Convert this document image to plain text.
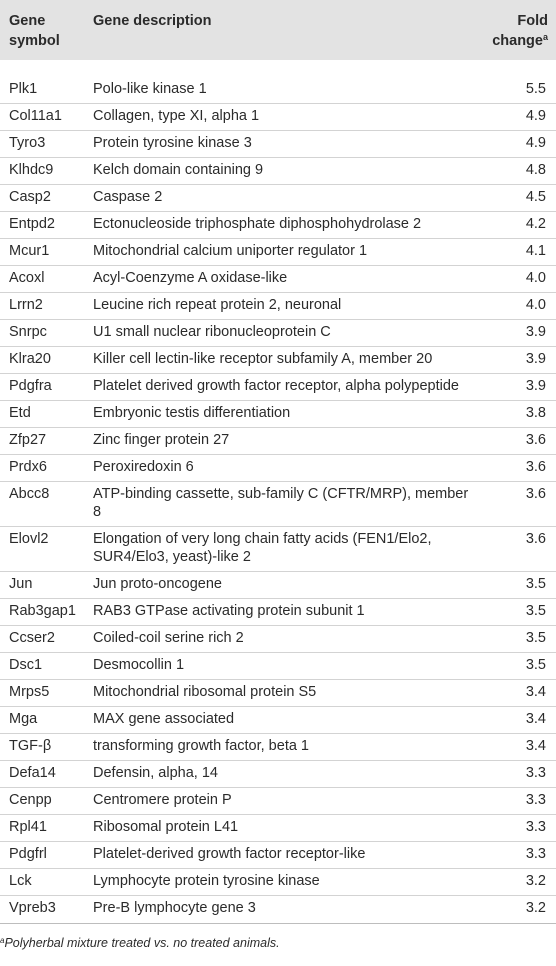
Gene symbol	Gene description	Fold change$^a$
Plk1	Polo-like kinase 1	5.5
Col11a1	Collagen, type XI, alpha 1	4.9
Tyro3	Protein tyrosine kinase 3	4.9
Klhdc9	Kelch domain containing 9	4.8
Casp2	Caspase 2	4.5
Entpd2	Ectonucleoside triphosphate diphosphohydrolase 2	4.2
Mcur1	Mitochondrial calcium uniporter regulator 1	4.1
Acoxl	Acyl-Coenzyme A oxidase-like	4.0
Lrrn2	Leucine rich repeat protein 2, neuronal	4.0
Snrpc	U1 small nuclear ribonucleoprotein C	3.9
Klra20	Killer cell lectin-like receptor subfamily A, member 20	3.9
Pdgfra	Platelet derived growth factor receptor, alpha polypeptide	3.9
Etd	Embryonic testis differentiation	3.8
Zfp27	Zinc finger protein 27	3.6
Prdx6	Peroxiredoxin 6	3.6
Abcc8	ATP-binding cassette, sub-family C (CFTR/MRP), member 8	3.6
Elovl2	Elongation of very long chain fatty acids (FEN1/Elo2, SUR4/Elo3, yeast)-like 2	3.6
Jun	Jun proto-oncogene	3.5
Rab3gap1	RAB3 GTPase activating protein subunit 1	3.5
Ccser2	Coiled-coil serine rich 2	3.5
Dsc1	Desmocollin 1	3.5
Mrps5	Mitochondrial ribosomal protein S5	3.4
Mga	MAX gene associated	3.4
TGF-β	transforming growth factor, beta 1	3.4
Defa14	Defensin, alpha, 14	3.3
Cenpp	Centromere protein P	3.3
Rpl41	Ribosomal protein L41	3.3
Pdgfrl	Platelet-derived growth factor receptor-like	3.3
Lck	Lymphocyte protein tyrosine kinase	3.2
Vpreb3	Pre-B lymphocyte gene 3	3.2
$^a$Polyherbal mixture treated vs. no treated animals.
